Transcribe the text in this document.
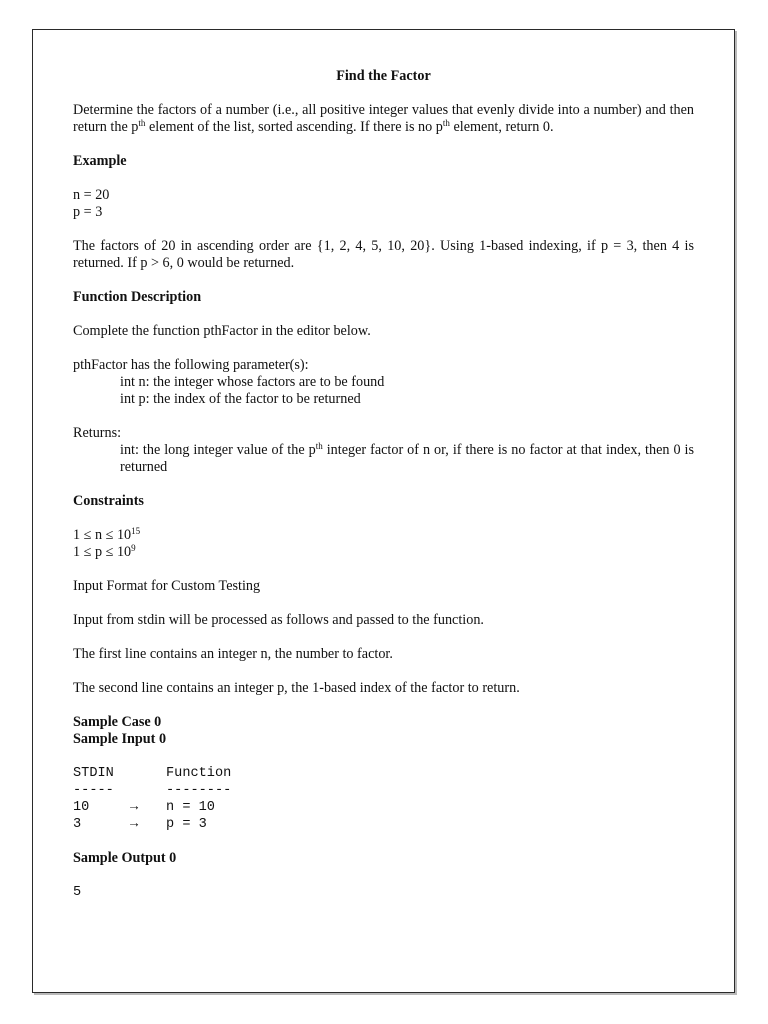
Find the Factor

Determine the factors of a number (i.e., all positive integer values that evenly divide into a number) and then return the $p^{th}$ element of the list, sorted ascending. If there is no $p^{th}$ element, return 0.

Example

n = 20

p = 3

The factors of 20 in ascending order are {1, 2, 4, 5, 10, 20}. Using 1-based indexing, if p = 3, then 4 is returned. If p > 6, 0 would be returned.

Function Description

Complete the function pthFactor in the editor below.

pthFactor has the following parameter(s):

int n: the integer whose factors are to be found

int p: the index of the factor to be returned

Returns:

int: the long integer value of the $p^{th}$ integer factor of n or, if there is no factor at that index, then 0 is returned

Constraints

$1 \le n \le 10^{15}$

$1 \le p \le 10^9$

Input Format for Custom Testing

Input from stdin will be processed as follows and passed to the function.

The first line contains an integer n, the number to factor.

The second line contains an integer p, the 1-based index of the factor to return.

Sample Case 0

Sample Input 0

STDIN	Function
-----	--------
10 →	n = 10
3 →	p = 3

Sample Output 0

5
